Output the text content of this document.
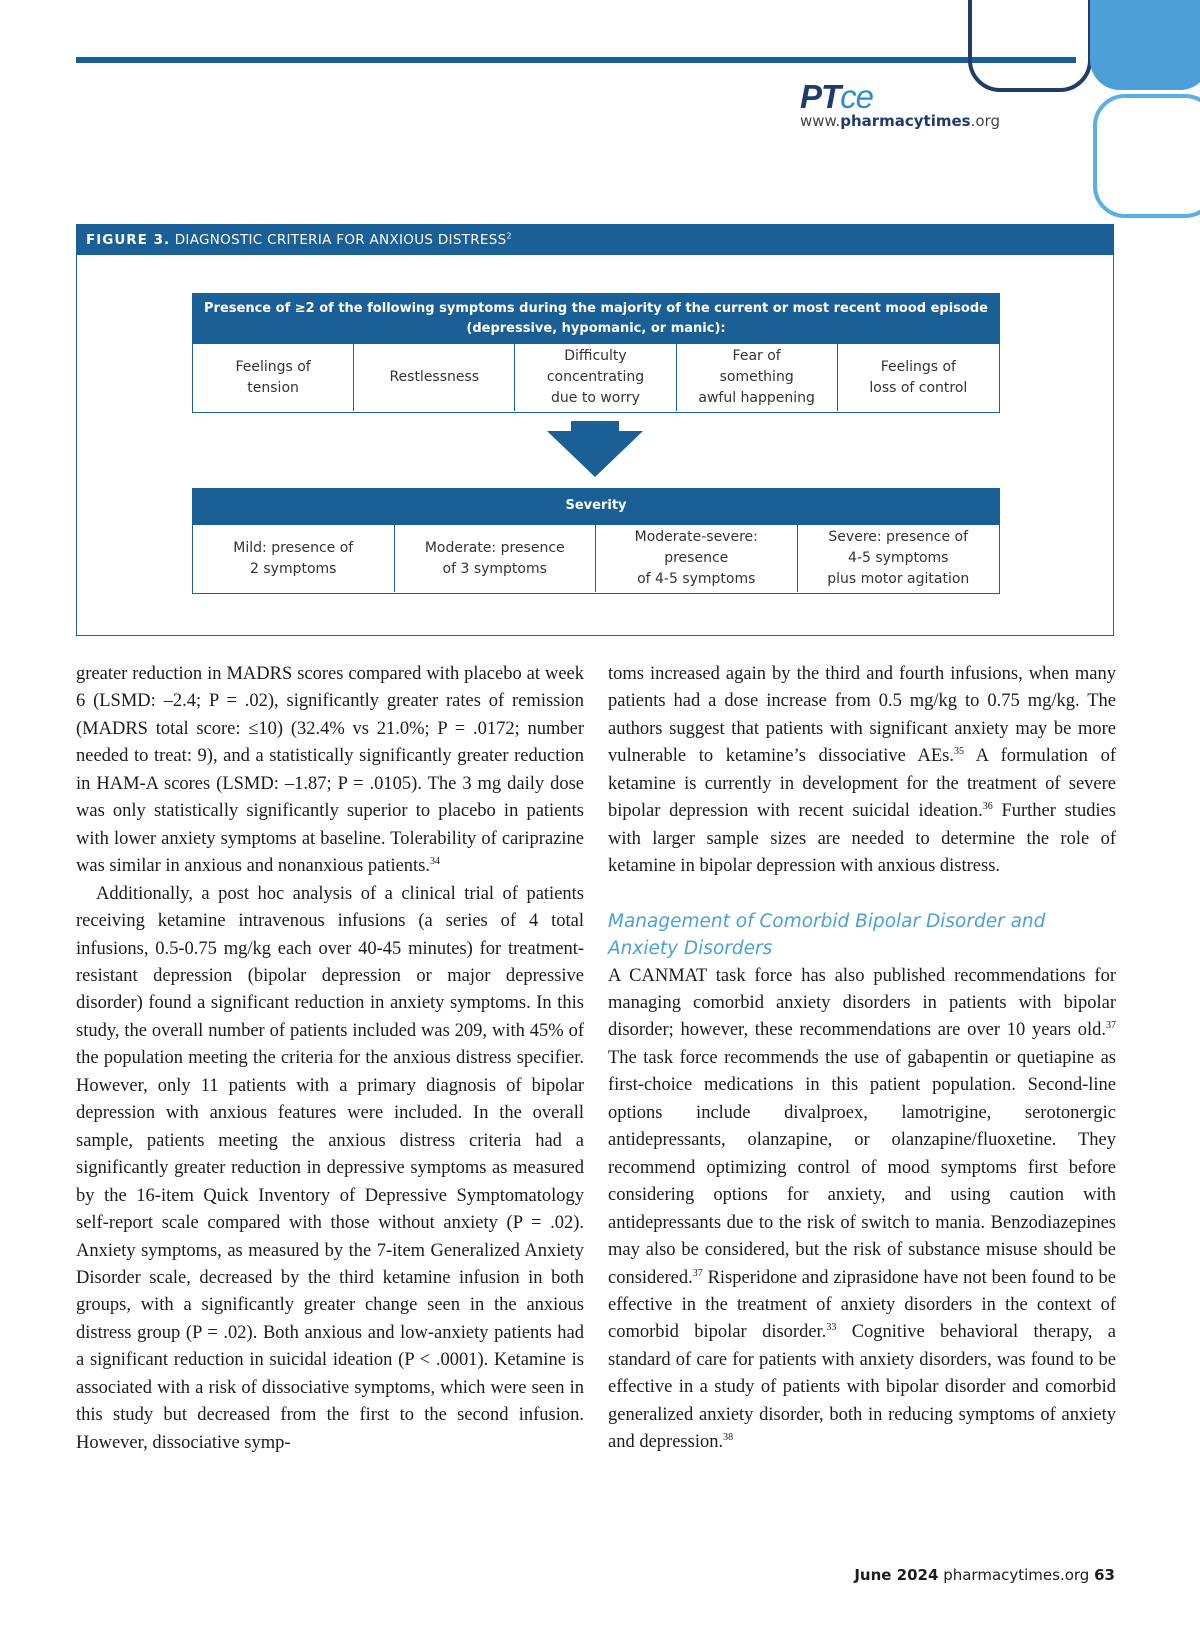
PTce
www.pharmacytimes.org
FIGURE 3. DIAGNOSTIC CRITERIA FOR ANXIOUS DISTRESS$^2$
Presence of ≥2 of the following symptoms during the majority of the current or most recent mood episode (depressive, hypomanic, or manic):
Feelings of
tension
Restlessness
Difficulty
concentrating
due to worry
Fear of
something
awful happening
Feelings of
loss of control
Severity
Mild: presence of
2 symptoms
Moderate: presence
of 3 symptoms
Moderate-severe:
presence
of 4-5 symptoms
Severe: presence of
4-5 symptoms
plus motor agitation

greater reduction in MADRS scores compared with placebo at week 6 (LSMD: –2.4; P = .02), significantly greater rates of remission (MADRS total score: ≤10) (32.4% vs 21.0%; P = .0172; number needed to treat: 9), and a statistically significantly greater reduction in HAM-A scores (LSMD: –1.87; P = .0105). The 3 mg daily dose was only statistically significantly superior to placebo in patients with lower anxiety symptoms at baseline. Tolerability of cariprazine was similar in anxious and nonanxious patients.$^{34}$

Additionally, a post hoc analysis of a clinical trial of patients receiving ketamine intravenous infusions (a series of 4 total infusions, 0.5-0.75 mg/kg each over 40-45 minutes) for treatment-resistant depression (bipolar depression or major depressive disorder) found a significant reduction in anxiety symptoms. In this study, the overall number of patients included was 209, with 45% of the population meeting the criteria for the anxious distress specifier. However, only 11 patients with a primary diagnosis of bipolar depression with anxious features were included. In the overall sample, patients meeting the anxious distress criteria had a significantly greater reduction in depressive symptoms as measured by the 16-item Quick Inventory of Depressive Symptomatology self-report scale compared with those without anxiety (P = .02). Anxiety symptoms, as measured by the 7-item Generalized Anxiety Disorder scale, decreased by the third ketamine infusion in both groups, with a significantly greater change seen in the anxious distress group (P = .02). Both anxious and low-anxiety patients had a significant reduction in suicidal ideation (P < .0001). Ketamine is associated with a risk of dissociative symptoms, which were seen in this study but decreased from the first to the second infusion. However, dissociative symp-

toms increased again by the third and fourth infusions, when many patients had a dose increase from 0.5 mg/kg to 0.75 mg/kg. The authors suggest that patients with significant anxiety may be more vulnerable to ketamine’s dissociative AEs.$^{35}$ A formulation of ketamine is currently in development for the treatment of severe bipolar depression with recent suicidal ideation.$^{36}$ Further studies with larger sample sizes are needed to determine the role of ketamine in bipolar depression with anxious distress.

Management of Comorbid Bipolar Disorder and Anxiety Disorders

A CANMAT task force has also published recommendations for managing comorbid anxiety disorders in patients with bipolar disorder; however, these recommendations are over 10 years old.$^{37}$ The task force recommends the use of gabapentin or quetiapine as first-choice medications in this patient population. Second-line options include divalproex, lamotrigine, serotonergic antidepressants, olanzapine, or olanzapine/fluoxetine. They recommend optimizing control of mood symptoms first before considering options for anxiety, and using caution with antidepressants due to the risk of switch to mania. Benzodiazepines may also be considered, but the risk of substance misuse should be considered.$^{37}$ Risperidone and ziprasidone have not been found to be effective in the treatment of anxiety disorders in the context of comorbid bipolar disorder.$^{33}$ Cognitive behavioral therapy, a standard of care for patients with anxiety disorders, was found to be effective in a study of patients with bipolar disorder and comorbid generalized anxiety disorder, both in reducing symptoms of anxiety and depression.$^{38}$

June 2024 pharmacytimes.org 63
